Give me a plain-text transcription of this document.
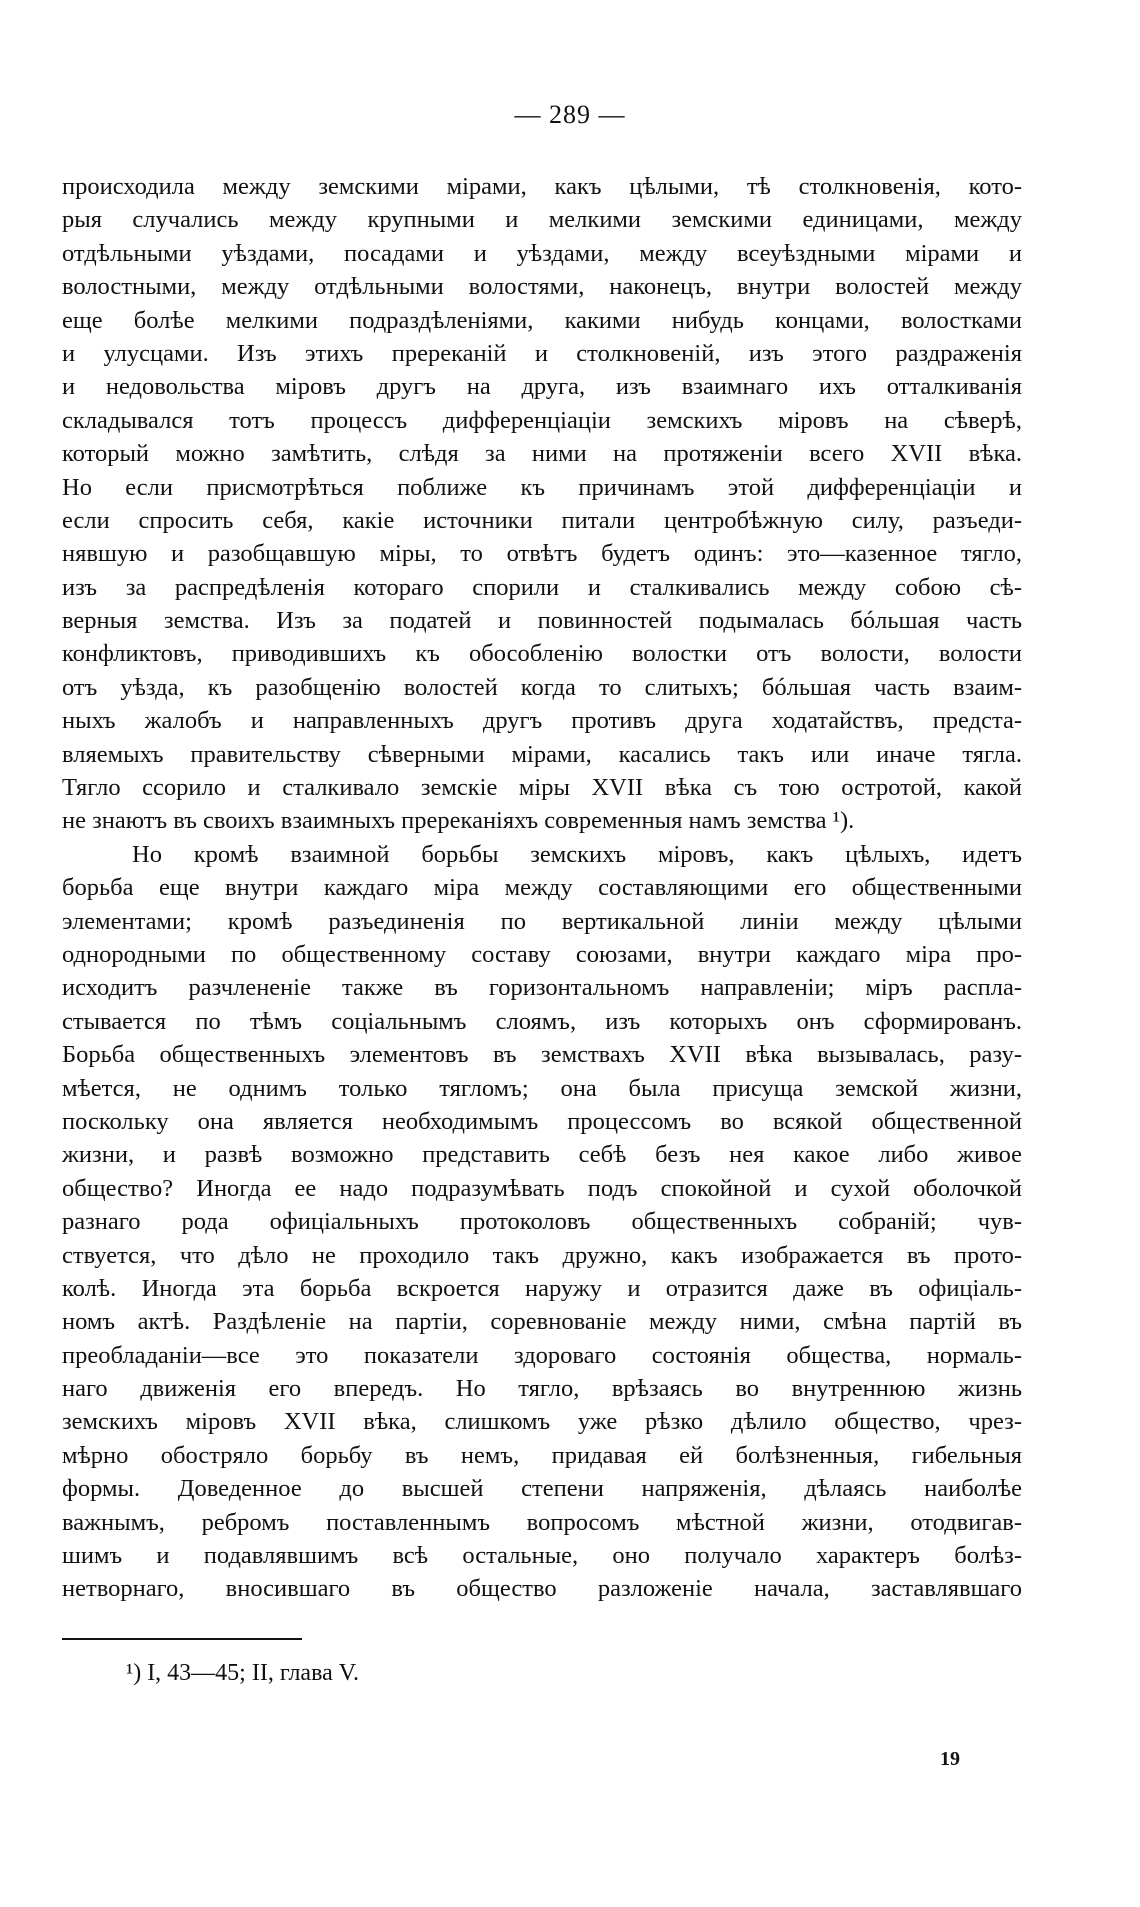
— 289 —
происходила между земскими мірами, какъ цѣлыми, тѣ столкновенія, кото-
рыя случались между крупными и мелкими земскими единицами, между
отдѣльными уѣздами, посадами и уѣздами, между всеуѣздными мірами и
волостными, между отдѣльными волостями, наконецъ, внутри волостей между
еще болѣе мелкими подраздѣленіями, какими нибудь концами, волостками
и улусцами. Изъ этихъ пререканій и столкновеній, изъ этого раздраженія
и недовольства міровъ другъ на друга, изъ взаимнаго ихъ отталкиванія
складывался тотъ процессъ дифференціаціи земскихъ міровъ на сѣверѣ,
который можно замѣтить, слѣдя за ними на протяженіи всего XVII вѣка.
Но если присмотрѣться поближе къ причинамъ этой дифференціаціи и
если спросить себя, какіе источники питали центробѣжную силу, разъеди-
нявшую и разобщавшую міры, то отвѣтъ будетъ одинъ: это—казенное тягло,
изъ за распредѣленія котораго спорили и сталкивались между собою сѣ-
верныя земства. Изъ за податей и повинностей подымалась бóльшая часть
конфликтовъ, приводившихъ къ обособленію волостки отъ волости, волости
отъ уѣзда, къ разобщенію волостей когда то слитыхъ; бóльшая часть взаим-
ныхъ жалобъ и направленныхъ другъ противъ друга ходатайствъ, предста-
вляемыхъ правительству сѣверными мірами, касались такъ или иначе тягла.
Тягло ссорило и сталкивало земскіе міры XVII вѣка съ тою остротой, какой
не знаютъ въ своихъ взаимныхъ пререканіяхъ современныя намъ земства ¹).
Но кромѣ взаимной борьбы земскихъ міровъ, какъ цѣлыхъ, идетъ
борьба еще внутри каждаго міра между составляющими его общественными
элементами; кромѣ разъединенія по вертикальной линіи между цѣлыми
однородными по общественному составу союзами, внутри каждаго міра про-
исходитъ разчлененіе также въ горизонтальномъ направленіи; міръ распла-
стывается по тѣмъ соціальнымъ слоямъ, изъ которыхъ онъ сформированъ.
Борьба общественныхъ элементовъ въ земствахъ XVII вѣка вызывалась, разу-
мѣется, не однимъ только тягломъ; она была присуща земской жизни,
поскольку она является необходимымъ процессомъ во всякой общественной
жизни, и развѣ возможно представить себѣ безъ нея какое либо живое
общество? Иногда ее надо подразумѣвать подъ спокойной и сухой оболочкой
разнаго рода офиціальныхъ протоколовъ общественныхъ собраній; чув-
ствуется, что дѣло не проходило такъ дружно, какъ изображается въ прото-
колѣ. Иногда эта борьба вскроется наружу и отразится даже въ офиціаль-
номъ актѣ. Раздѣленіе на партіи, соревнованіе между ними, смѣна партій въ
преобладаніи—все это показатели здороваго состоянія общества, нормаль-
наго движенія его впередъ. Но тягло, врѣзаясь во внутреннюю жизнь
земскихъ міровъ XVII вѣка, слишкомъ уже рѣзко дѣлило общество, чрез-
мѣрно обостряло борьбу въ немъ, придавая ей болѣзненныя, гибельныя
формы. Доведенное до высшей степени напряженія, дѣлаясь наиболѣе
важнымъ, ребромъ поставленнымъ вопросомъ мѣстной жизни, отодвигав-
шимъ и подавлявшимъ всѣ остальные, оно получало характеръ болѣз-
нетворнаго, вносившаго въ общество разложеніе начала, заставлявшаго
¹) I, 43—45; II, глава V.
19
